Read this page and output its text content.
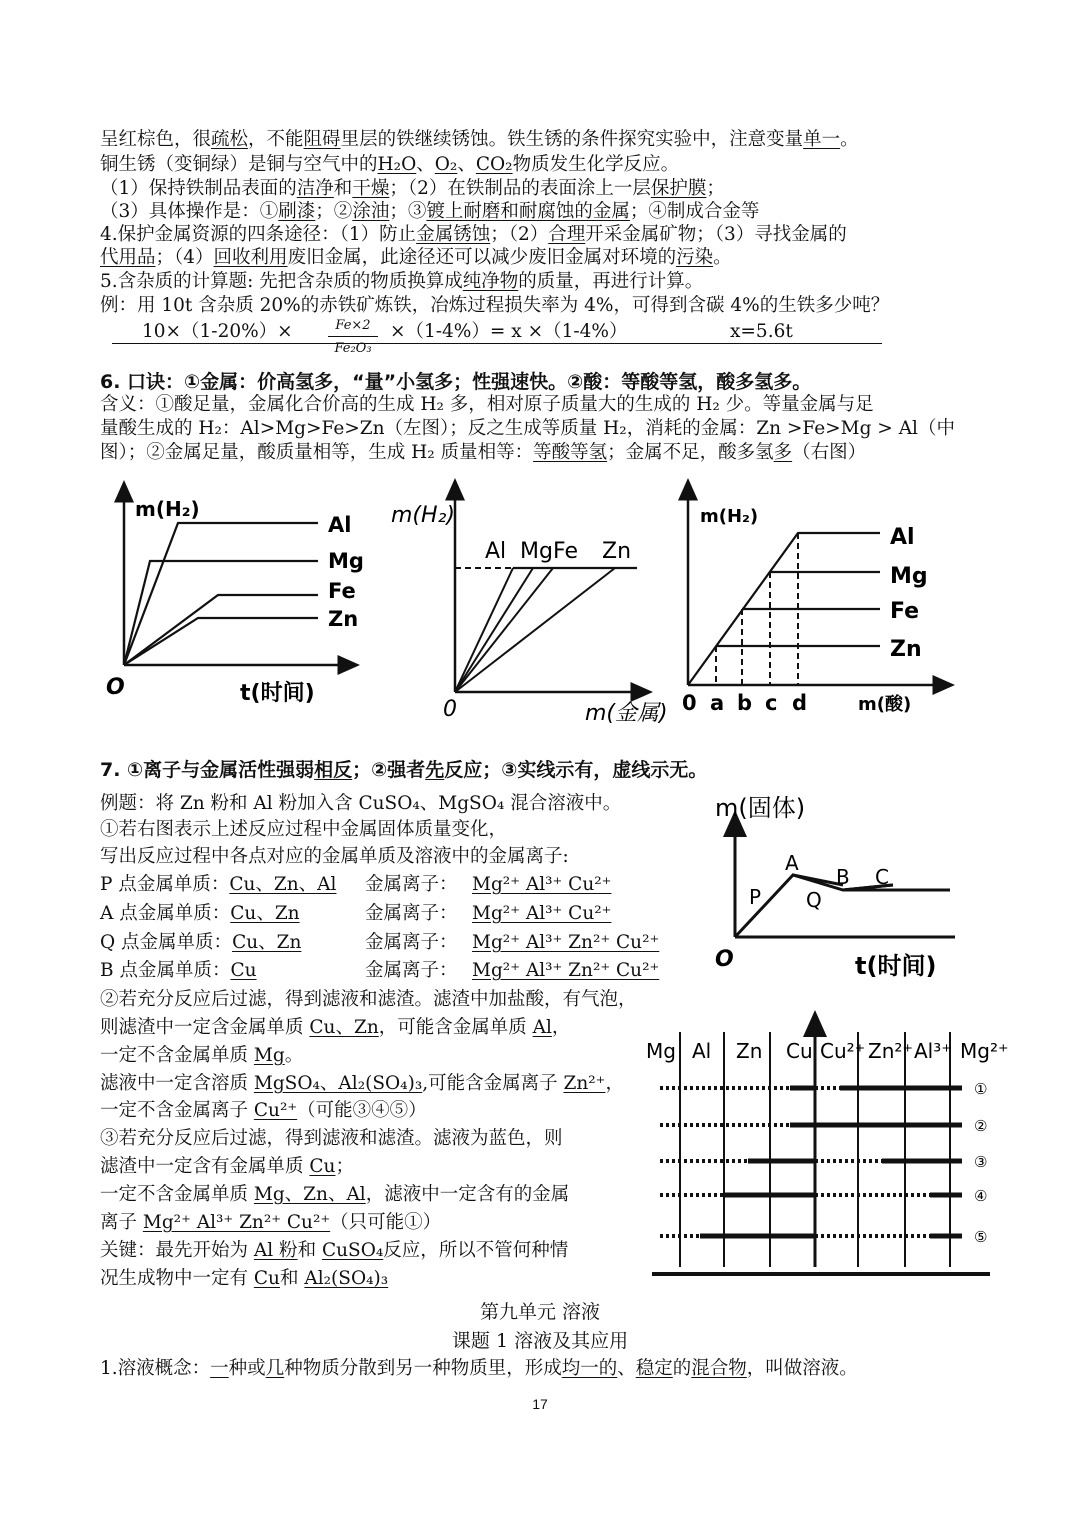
呈红棕色，很疏松，不能阻碍里层的铁继续锈蚀。铁生锈的条件探究实验中，注意变量单一。
铜生锈（变铜绿）是铜与空气中的H₂O、O₂、CO₂物质发生化学反应。
（1）保持铁制品表面的洁净和干燥；（2）在铁制品的表面涂上一层保护膜；
（3）具体操作是：①刷漆；②涂油；③镀上耐磨和耐腐蚀的金属；④制成合金等
4.保护金属资源的四条途径：（1）防止金属锈蚀；（2）合理开采金属矿物；（3）寻找金属的
代用品；（4）回收利用废旧金属，此途径还可以减少废旧金属对环境的污染。
5.含杂质的计算题: 先把含杂质的物质换算成纯净物的质量，再进行计算。
例：用 10t 含杂质 20%的赤铁矿炼铁，冶炼过程损失率为 4%，可得到含碳 4%的生铁多少吨？
10×（1-20%）×	$\frac{Fe\times 2}{\text{Fe₂O₃}} \times(1-4\%)= x \times(1-4\%)$	x=5.6t
6. 口诀：①金属：价高氢多，“量”小氢多；性强速快。②酸：等酸等氢，酸多氢多。
含义：①酸足量，金属化合价高的生成 H₂ 多，相对原子质量大的生成的 H₂ 少。等量金属与足
量酸生成的 H₂：Al>Mg>Fe>Zn（左图）；反之生成等质量 H₂，消耗的金属：Zn >Fe>Mg > Al（中
图）；②金属足量，酸质量相等，生成 H₂ 质量相等：等酸等氢；金属不足，酸多氢多（右图）
m(H₂)
Al
Mg
Fe
Zn
O	t(时间)
m(H₂)
Al Mg Fe Zn
0	m(金属)
m(H₂)
Al
Mg
Fe
Zn
0 a b c d	m(酸)
7. ①离子与金属活性强弱相反；②强者先反应；③实线示有，虚线示无。
例题：将 Zn 粉和 Al 粉加入含 CuSO₄、MgSO₄ 混合溶液中。
①若右图表示上述反应过程中金属固体质量变化，
写出反应过程中各点对应的金属单质及溶液中的金属离子:
P 点金属单质：Cu、Zn、Al 金属离子： Mg²⁺ Al³⁺ Cu²⁺
A 点金属单质：Cu、Zn	金属离子： Mg²⁺ Al³⁺ Cu²⁺
Q 点金属单质：Cu、Zn	金属离子： Mg²⁺ Al³⁺ Zn²⁺ Cu²⁺
B 点金属单质：Cu	金属离子： Mg²⁺ Al³⁺ Zn²⁺ Cu²⁺
②若充分反应后过滤，得到滤液和滤渣。滤渣中加盐酸，有气泡，
则滤渣中一定含金属单质 Cu、Zn，可能含金属单质 Al，
一定不含金属单质 Mg。
滤液中一定含溶质 MgSO₄、Al₂(SO₄)₃,可能含金属离子 Zn²⁺，
一定不含金属离子 Cu²⁺（可能③④⑤）
③若充分反应后过滤，得到滤液和滤渣。滤液为蓝色，则
滤渣中一定含有金属单质 Cu；
一定不含金属单质 Mg、Zn、Al，滤液中一定含有的金属
离子 Mg²⁺ Al³⁺ Zn²⁺ Cu²⁺（只可能①）
关键：最先开始为 Al 粉和 CuSO₄反应，所以不管何种情
况生成物中一定有 Cu和 Al₂(SO₄)₃
m(固体)
P
A
Q
B C
O	t(时间)
Mg Al Zn Cu Cu²⁺ Zn²⁺ Al³⁺ Mg²⁺
①
②
③
④
⑤
第九单元 溶液
课题 1 溶液及其应用
1.溶液概念：一种或几种物质分散到另一种物质里，形成均一的、稳定的混合物，叫做溶液。
17
